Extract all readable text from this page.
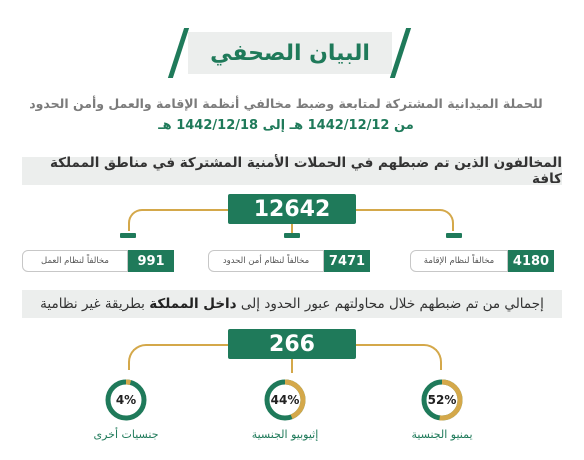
البيان الصحفي
للحملة الميدانية المشتركة لمتابعة وضبط مخالفي أنظمة الإقامة والعمل وأمن الحدود
من 1442/12/12 هـ إلى 1442/12/18 هـ
المخالفون الذين تم ضبطهم في الحملات الأمنية المشتركة في مناطق المملكة كافة
12642
4180
مخالفاً لنظام الإقامة
7471
مخالفاً لنظام أمن الحدود
991
مخالفاً لنظام العمل
إجمالي من تم ضبطهم خلال محاولتهم عبور الحدود إلى

داخل المملكة

بطريقة غير نظامية
266
52%
يمنيو الجنسية
44%
إثيوبيو الجنسية
4%
جنسيات أخرى
